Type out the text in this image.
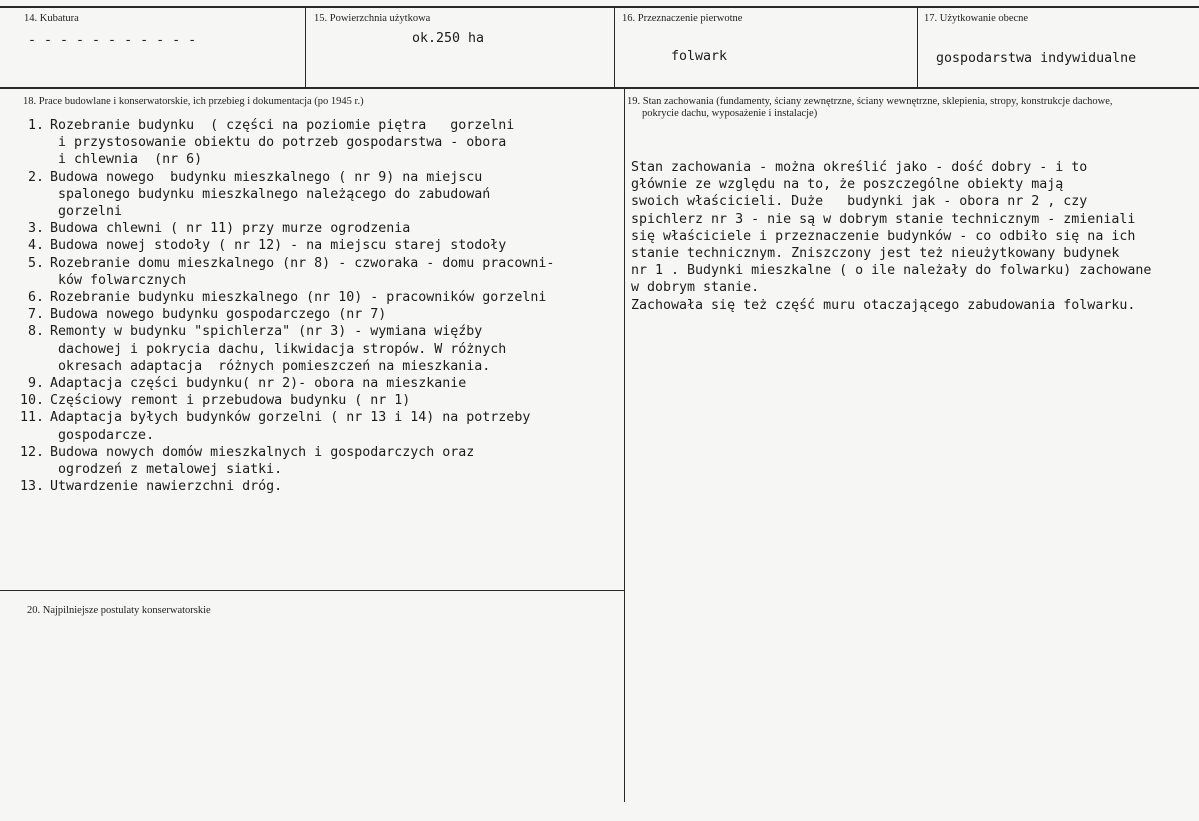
14. Kubatura
- - - - - - - - - - -
15. Powierzchnia użytkowa
ok.250 ha
16. Przeznaczenie pierwotne
folwark
17. Użytkowanie obecne
gospodarstwa indywidualne
18. Prace budowlane i konserwatorskie, ich przebieg i dokumentacja (po 1945 r.)
1. Rozebranie budynku  ( części na poziomie piętra   gorzelni
i przystosowanie obiektu do potrzeb gospodarstwa - obora
i chlewnia  (nr 6)
2. Budowa nowego  budynku mieszkalnego ( nr 9) na miejscu
spalonego budynku mieszkalnego należącego do zabudowań
gorzelni
3. Budowa chlewni ( nr 11) przy murze ogrodzenia
4. Budowa nowej stodoły ( nr 12) - na miejscu starej stodoły
5. Rozebranie domu mieszkalnego (nr 8) - czworaka - domu pracowni-
ków folwarcznych
6. Rozebranie budynku mieszkalnego (nr 10) - pracowników gorzelni
7. Budowa nowego budynku gospodarczego (nr 7)
8. Remonty w budynku "spichlerza" (nr 3) - wymiana więźby
dachowej i pokrycia dachu, likwidacja stropów. W różnych
okresach adaptacja  różnych pomieszczeń na mieszkania.
9. Adaptacja części budynku( nr 2)- obora na mieszkanie
10. Częściowy remont i przebudowa budynku ( nr 1)
11. Adaptacja byłych budynków gorzelni ( nr 13 i 14) na potrzeby
gospodarcze.
12. Budowa nowych domów mieszkalnych i gospodarczych oraz
ogrodzeń z metalowej siatki.
13. Utwardzenie nawierzchni dróg.
19. Stan zachowania (fundamenty, ściany zewnętrzne, ściany wewnętrzne, sklepienia, stropy, konstrukcje dachowe,
pokrycie dachu, wyposażenie i instalacje)
Stan zachowania - można określić jako - dość dobry - i to
głównie ze względu na to, że poszczególne obiekty mają
swoich właścicieli. Duże   budynki jak - obora nr 2 , czy
spichlerz nr 3 - nie są w dobrym stanie technicznym - zmieniali
się właściciele i przeznaczenie budynków - co odbiło się na ich
stanie technicznym. Zniszczony jest też nieużytkowany budynek
nr 1 . Budynki mieszkalne ( o ile należały do folwarku) zachowane
w dobrym stanie.
Zachowała się też część muru otaczającego zabudowania folwarku.
20. Najpilniejsze postulaty konserwatorskie
